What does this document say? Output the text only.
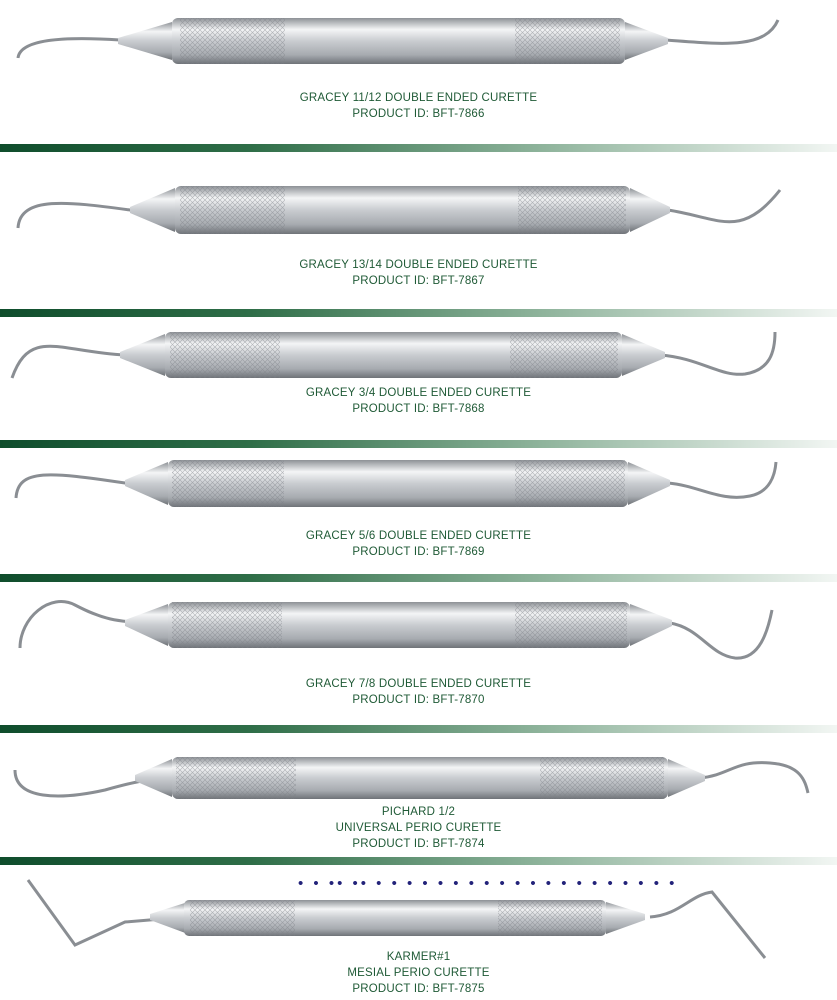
GRACEY 11/12 DOUBLE ENDED CURETTE
PRODUCT ID: BFT-7866
GRACEY 13/14 DOUBLE ENDED CURETTE
PRODUCT ID: BFT-7867
GRACEY 3/4 DOUBLE ENDED CURETTE
PRODUCT ID: BFT-7868
GRACEY 5/6 DOUBLE ENDED CURETTE
PRODUCT ID: BFT-7869
GRACEY 7/8 DOUBLE ENDED CURETTE
PRODUCT ID: BFT-7870
PICHARD 1/2
UNIVERSAL PERIO CURETTE
PRODUCT ID: BFT-7874
• • •• •• • • • • • • • • • • • • • • • • • • • •
KARMER#1
MESIAL PERIO CURETTE
PRODUCT ID: BFT-7875
